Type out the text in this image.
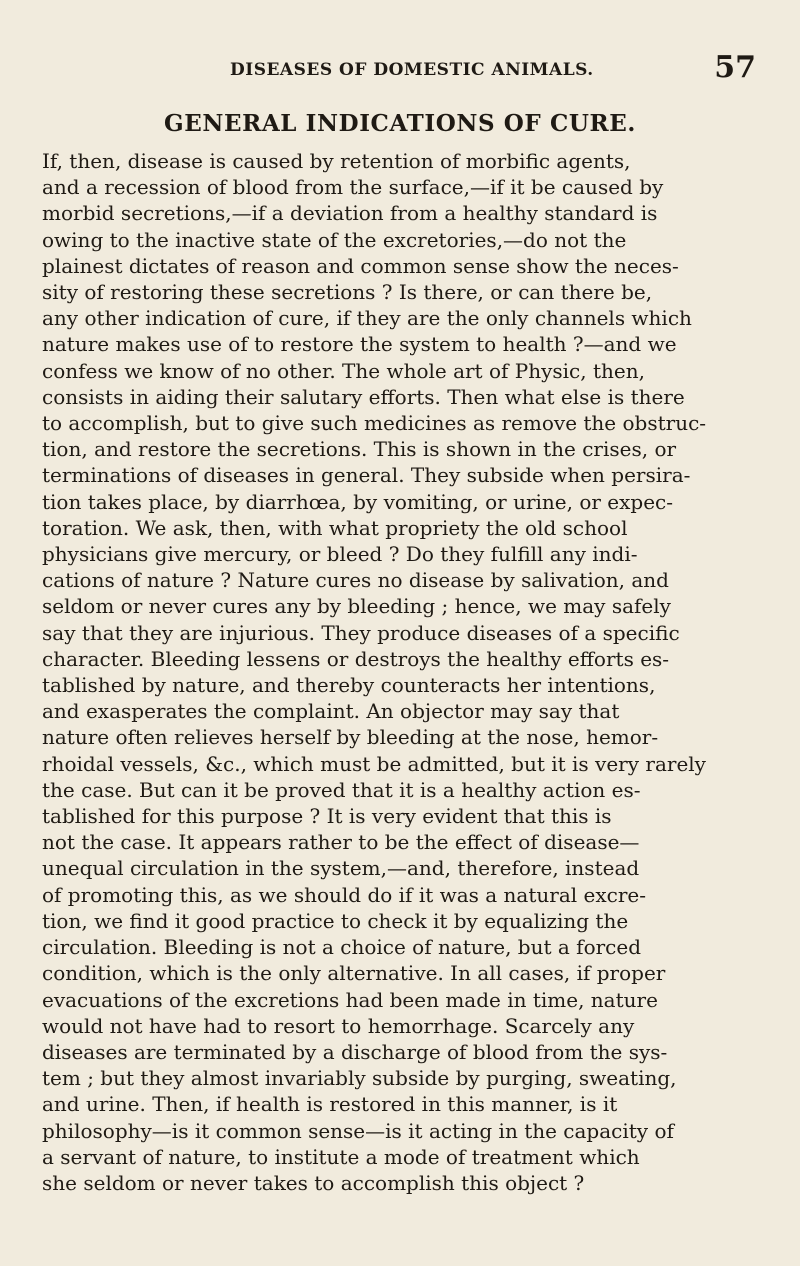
DISEASES OF DOMESTIC ANIMALS.	57
GENERAL INDICATIONS OF CURE.
If, then, disease is caused by retention of morbific agents,
and a recession of blood from the surface,—if it be caused by
morbid secretions,—if a deviation from a healthy standard is
owing to the inactive state of the excretories,—do not the
plainest dictates of reason and common sense show the neces-
sity of restoring these secretions ? Is there, or can there be,
any other indication of cure, if they are the only channels which
nature makes use of to restore the system to health ?—and we
confess we know of no other. The whole art of Physic, then,
consists in aiding their salutary efforts. Then what else is there
to accomplish, but to give such medicines as remove the obstruc-
tion, and restore the secretions. This is shown in the crises, or
terminations of diseases in general. They subside when persira-
tion takes place, by diarrhœa, by vomiting, or urine, or expec-
toration. We ask, then, with what propriety the old school
physicians give mercury, or bleed ? Do they fulfill any indi-
cations of nature ? Nature cures no disease by salivation, and
seldom or never cures any by bleeding ; hence, we may safely
say that they are injurious. They produce diseases of a specific
character. Bleeding lessens or destroys the healthy efforts es-
tablished by nature, and thereby counteracts her intentions,
and exasperates the complaint. An objector may say that
nature often relieves herself by bleeding at the nose, hemor-
rhoidal vessels, &c., which must be admitted, but it is very rarely
the case. But can it be proved that it is a healthy action es-
tablished for this purpose ? It is very evident that this is
not the case. It appears rather to be the effect of disease—
unequal circulation in the system,—and, therefore, instead
of promoting this, as we should do if it was a natural excre-
tion, we find it good practice to check it by equalizing the
circulation. Bleeding is not a choice of nature, but a forced
condition, which is the only alternative. In all cases, if proper
evacuations of the excretions had been made in time, nature
would not have had to resort to hemorrhage. Scarcely any
diseases are terminated by a discharge of blood from the sys-
tem ; but they almost invariably subside by purging, sweating,
and urine. Then, if health is restored in this manner, is it
philosophy—is it common sense—is it acting in the capacity of
a servant of nature, to institute a mode of treatment which
she seldom or never takes to accomplish this object ?
